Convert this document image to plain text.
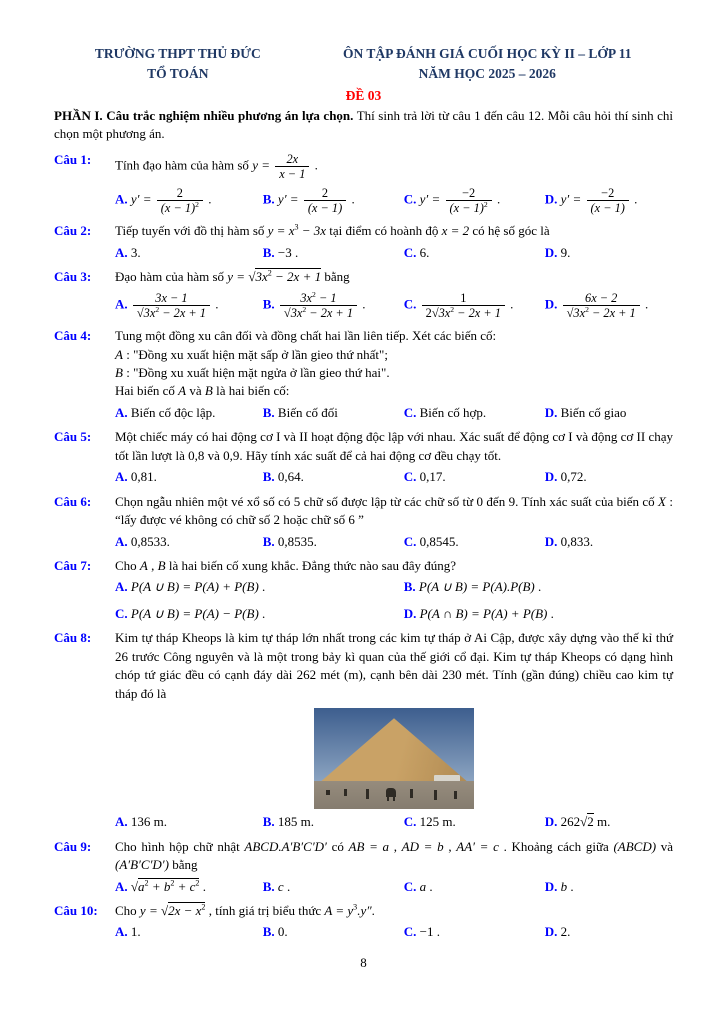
TRƯỜNG THPT THỦ ĐỨC
TỔ TOÁN
ÔN TẬP ĐÁNH GIÁ CUỐI HỌC KỲ II – LỚP 11
NĂM HỌC 2025 – 2026
ĐỀ 03

PHẦN I. Câu trắc nghiệm nhiều phương án lựa chọn. Thí sinh trả lời từ câu 1 đến câu 12. Mỗi câu hỏi thí sinh chỉ chọn một phương án.

Câu 1:	Tính đạo hàm của hàm số $y = \frac{2x}{x - 1}$ .
A. $y' = \frac{2}{(x - 1)^2}$ .	B. $y' = \frac{2}{(x - 1)}$ .	C. $y' = \frac{-2}{(x - 1)^2}$ .	D. $y' = \frac{-2}{(x - 1)}$ .
Câu 2:	Tiếp tuyến với đồ thị hàm số $y = x^3 - 3x$ tại điểm có hoành độ x = 2 có hệ số góc là
A. 3.	B. −3 .	C. 6.	D. 9.
Câu 3:	Đạo hàm của hàm số $y = √3x^2 - 2x + 1$ bằng
A. $\frac{3x - 1}{√3x^2 - 2x + 1}$ .	B. $\frac{3x^2 - 1}{√3x^2 - 2x + 1}$ .	C. $\frac{1}{2√3x^2 - 2x + 1}$ .	D. $\frac{6x - 2}{√3x^2 - 2x + 1}$ .
Câu 4:	Tung một đồng xu cân đối và đồng chất hai lần liên tiếp. Xét các biến cố:
A : "Đồng xu xuất hiện mặt sấp ở lần gieo thứ nhất";
B : "Đồng xu xuất hiện mặt ngửa ở lần gieo thứ hai".
Hai biến cố A và B là hai biến cố:
A. Biến cố độc lập.	B. Biến cố đối	C. Biến cố hợp.	D. Biến cố giao
Câu 5:	Một chiếc máy có hai động cơ I và II hoạt động độc lập với nhau. Xác suất để động cơ I và động cơ II chạy tốt lần lượt là 0,8 và 0,9. Hãy tính xác suất để cả hai động cơ đều chạy tốt.
A. 0,81.	B. 0,64.	C. 0,17.	D. 0,72.
Câu 6:	Chọn ngẫu nhiên một vé xổ số có 5 chữ số được lập từ các chữ số từ 0 đến 9. Tính xác suất của biến cố X : “lấy được vé không có chữ số 2 hoặc chữ số 6 ”
A. 0,8533.	B. 0,8535.	C. 0,8545.	D. 0,833.
Câu 7:	Cho A , B là hai biến cố xung khắc. Đẳng thức nào sau đây đúng?
A. P(A ∪ B) = P(A) + P(B) .	B. P(A ∪ B) = P(A).P(B) .
C. P(A ∪ B) = P(A) − P(B) .	D. P(A ∩ B) = P(A) + P(B) .
Câu 8:	Kim tự tháp Kheops là kim tự tháp lớn nhất trong các kim tự tháp ở Ai Cập, được xây dựng vào thế kỉ thứ 26 trước Công nguyên và là một trong bảy kì quan của thế giới cổ đại. Kim tự tháp Kheops có dạng hình chóp tứ giác đều có cạnh đáy dài 262 mét (m), cạnh bên dài 230 mét. Tính (gần đúng) chiều cao kim tự tháp đó là
A. 136 m.	B. 185 m.	C. 125 m.	D. 262√2 m.
Câu 9:	Cho hình hộp chữ nhật ABCD.A′B′C′D′ có AB = a , AD = b , AA′ = c . Khoảng cách giữa (ABCD) và (A′B′C′D′) bằng
A. $√a^2 + b^2 + c^2$ .	B. c .	C. a .	D. b .
Câu 10:	Cho $y = √2x - x^2$ , tính giá trị biểu thức $A = y^3.y''$.
A. 1.	B. 0.	C. −1 .	D. 2.
8
